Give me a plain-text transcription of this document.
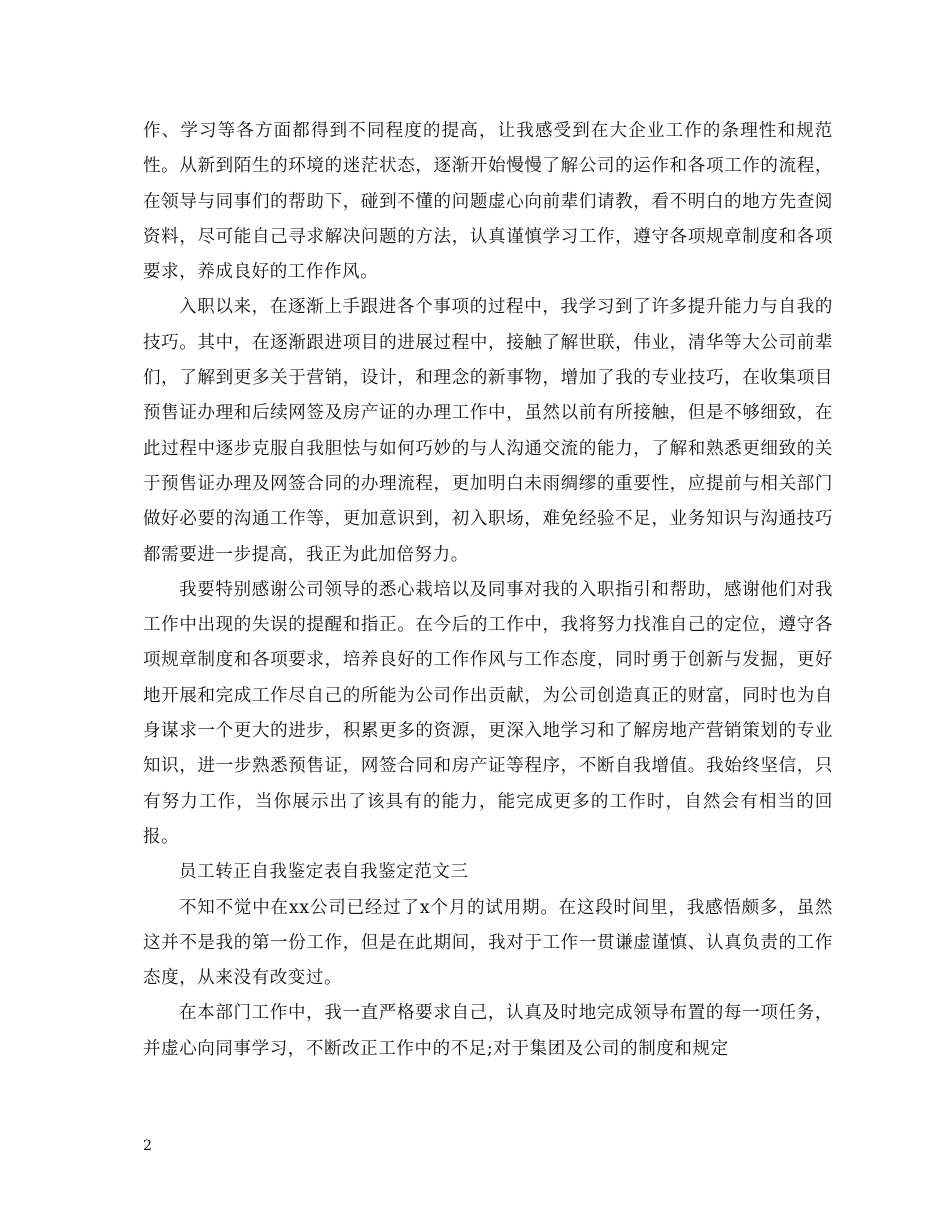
作、学习等各方面都得到不同程度的提高，让我感受到在大企业工作的条理性和规范性。从新到陌生的环境的迷茫状态，逐渐开始慢慢了解公司的运作和各项工作的流程，在领导与同事们的帮助下，碰到不懂的问题虚心向前辈们请教，看不明白的地方先查阅资料，尽可能自己寻求解决问题的方法，认真谨慎学习工作，遵守各项规章制度和各项要求，养成良好的工作作风。

入职以来，在逐渐上手跟进各个事项的过程中，我学习到了许多提升能力与自我的技巧。其中，在逐渐跟进项目的进展过程中，接触了解世联，伟业，清华等大公司前辈们，了解到更多关于营销，设计，和理念的新事物，增加了我的专业技巧，在收集项目预售证办理和后续网签及房产证的办理工作中，虽然以前有所接触，但是不够细致，在此过程中逐步克服自我胆怯与如何巧妙的与人沟通交流的能力，了解和熟悉更细致的关于预售证办理及网签合同的办理流程，更加明白未雨绸缪的重要性，应提前与相关部门做好必要的沟通工作等，更加意识到，初入职场，难免经验不足，业务知识与沟通技巧都需要进一步提高，我正为此加倍努力。

我要特别感谢公司领导的悉心栽培以及同事对我的入职指引和帮助，感谢他们对我工作中出现的失误的提醒和指正。在今后的工作中，我将努力找准自己的定位，遵守各项规章制度和各项要求，培养良好的工作作风与工作态度，同时勇于创新与发掘，更好地开展和完成工作尽自己的所能为公司作出贡献，为公司创造真正的财富，同时也为自身谋求一个更大的进步，积累更多的资源，更深入地学习和了解房地产营销策划的专业知识，进一步熟悉预售证，网签合同和房产证等程序，不断自我增值。我始终坚信，只有努力工作，当你展示出了该具有的能力，能完成更多的工作时，自然会有相当的回报。

员工转正自我鉴定表自我鉴定范文三

不知不觉中在xx公司已经过了x个月的试用期。在这段时间里，我感悟颇多，虽然这并不是我的第一份工作，但是在此期间，我对于工作一贯谦虚谨慎、认真负责的工作态度，从来没有改变过。

在本部门工作中，我一直严格要求自己，认真及时地完成领导布置的每一项任务，并虚心向同事学习，不断改正工作中的不足;对于集团及公司的制度和规定

2
